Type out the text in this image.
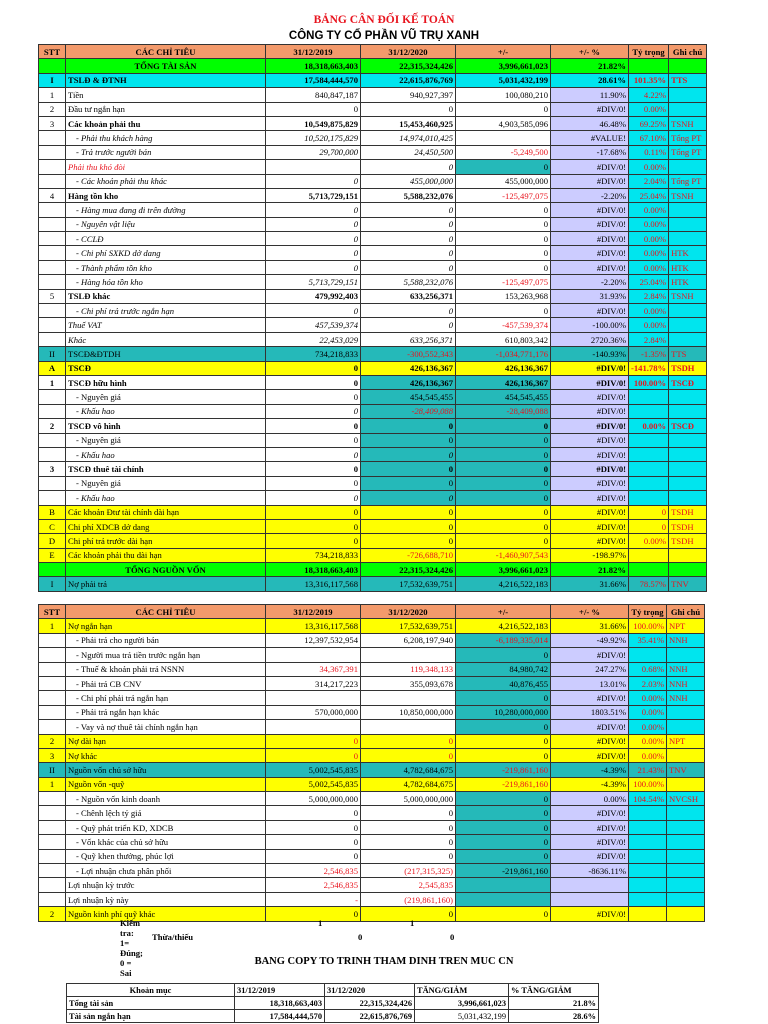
BẢNG CÂN ĐỐI KẾ TOÁN
CÔNG TY CỔ PHẦN VŨ TRỤ XANH
STT	CÁC CHỈ TIÊU	31/12/2019	31/12/2020	+/-	+/- %	Tỷ trọng	Ghi chú
	TỔNG TÀI SẢN	18,318,663,403	22,315,324,426	3,996,661,023	21.82%		
I	TSLĐ & ĐTNH	17,584,444,570	22,615,876,769	5,031,432,199	28.61%	101.35%	TTS
1	Tiền	840,847,187	940,927,397	100,080,210	11.90%	4.22%	
2	Đầu tư ngắn hạn	0	0	0	#DIV/0!	0.00%	
3	Các khoản phải thu	10,549,875,829	15,453,460,925	4,903,585,096	46.48%	69.25%	TSNH
	- Phải thu khách hàng	10,520,175,829	14,974,010,425		#VALUE!	67.10%	Tổng PT
	- Trả trước người bán	29,700,000	24,450,500	-5,249,500	-17.68%	0.11%	Tổng PT
	Phải thu khó đòi		0	0	#DIV/0!	0.00%	
	- Các khoản phải thu khác	0	455,000,000	455,000,000	#DIV/0!	2.04%	Tổng PT
4	Hàng tồn kho	5,713,729,151	5,588,232,076	-125,497,075	-2.20%	25.04%	TSNH
	- Hàng mua đang đi trên đường	0	0	0	#DIV/0!	0.00%	
	- Nguyên vật liệu	0	0	0	#DIV/0!	0.00%	
	- CCLĐ	0	0	0	#DIV/0!	0.00%	
	- Chi phí SXKD dở dang	0	0	0	#DIV/0!	0.00%	HTK
	- Thành phẩm tồn kho	0	0	0	#DIV/0!	0.00%	HTK
	- Hàng hóa tồn kho	5,713,729,151	5,588,232,076	-125,497,075	-2.20%	25.04%	HTK
5	TSLĐ khác	479,992,403	633,256,371	153,263,968	31.93%	2.84%	TSNH
	- Chi phí trả trước ngắn hạn	0	0	0	#DIV/0!	0.00%	
	Thuế VAT	457,539,374	0	-457,539,374	-100.00%	0.00%	
	Khác	22,453,029	633,256,371	610,803,342	2720.36%	2.84%	
II	TSCĐ&ĐTDH	734,218,833	-300,552,343	-1,034,771,176	-140.93%	-1.35%	TTS
A	TSCĐ	0	426,136,367	426,136,367	#DIV/0!	-141.78%	TSDH
1	TSCĐ hữu hình	0	426,136,367	426,136,367	#DIV/0!	100.00%	TSCĐ
	- Nguyên giá	0	454,545,455	454,545,455	#DIV/0!		
	- Khấu hao	0	-28,409,088	-28,409,088	#DIV/0!		
2	TSCĐ vô hình	0	0	0	#DIV/0!	0.00%	TSCĐ
	- Nguyên giá	0	0	0	#DIV/0!		
	- Khấu hao	0	0	0	#DIV/0!		
3	TSCĐ thuê tài chính	0	0	0	#DIV/0!		
	- Nguyên giá	0	0	0	#DIV/0!		
	- Khấu hao	0	0	0	#DIV/0!		
B	Các khoản Đtư tài chính dài hạn	0	0	0	#DIV/0!	0	TSDH
C	Chi phí XDCB dở dang	0	0	0	#DIV/0!	0	TSDH
D	Chi phí trả trước dài hạn	0	0	0	#DIV/0!	0.00%	TSDH
E	Các khoản phải thu dài hạn	734,218,833	-726,688,710	-1,460,907,543	-198.97%		
	TỔNG NGUỒN VỐN	18,318,663,403	22,315,324,426	3,996,661,023	21.82%		
I	Nợ phải trả	13,316,117,568	17,532,639,751	4,216,522,183	31.66%	78.57%	TNV
STT	CÁC CHỈ TIÊU	31/12/2019	31/12/2020	+/-	+/- %	Tỷ trọng	Ghi chú
1	Nợ ngắn hạn	13,316,117,568	17,532,639,751	4,216,522,183	31.66%	100.00%	NPT
	- Phải trả cho người bán	12,397,532,954	6,208,197,940	-6,189,335,014	-49.92%	35.41%	NNH
	- Người mua trả tiền trước ngắn hạn			0	#DIV/0!		
	- Thuế & khoản phải trả NSNN	34,367,391	119,348,133	84,980,742	247.27%	0.68%	NNH
	- Phải trả CB CNV	314,217,223	355,093,678	40,876,455	13.01%	2.03%	NNH
	- Chi phí phải trả ngắn hạn			0	#DIV/0!	0.00%	NNH
	- Phải trả ngắn hạn khác	570,000,000	10,850,000,000	10,280,000,000	1803.51%	0.00%	
	- Vay và nợ thuê tài chính ngắn hạn			0	#DIV/0!	0.00%	
2	Nợ dài hạn	0	0	0	#DIV/0!	0.00%	NPT
3	Nợ khác	0	0	0	#DIV/0!	0.00%	
II	Nguồn vốn chủ sở hữu	5,002,545,835	4,782,684,675	-219,861,160	-4.39%	21.43%	TNV
1	Nguồn vốn -quỹ	5,002,545,835	4,782,684,675	-219,861,160	-4.39%	100.00%	
	- Nguồn vốn kinh doanh	5,000,000,000	5,000,000,000	0	0.00%	104.54%	NVCSH
	- Chênh lệch tỷ giá	0	0	0	#DIV/0!		
	- Quỹ phát triển KD, XDCB	0	0	0	#DIV/0!		
	- Vốn khác của chủ sở hữu	0	0	0	#DIV/0!		
	- Quỹ khen thưởng, phúc lợi	0	0	0	#DIV/0!		
	- Lợi nhuận chưa phân phối	2,546,835	(217,315,325)	-219,861,160	-8636.11%		
	Lợi nhuận kỳ trước	2,546,835	2,545,835				
	Lợi nhuận kỳ này	-	(219,861,160)				
2	Nguồn kinh phí quỹ khác	0	0	0	#DIV/0!		
Kiểm tra: 1= Đúng; 0 = Sai
1	1
Thừa/thiếu	0	0
BANG COPY TO TRINH THAM DINH TREN MUC CN
Khoản mục	31/12/2019	31/12/2020	TĂNG/GIẢM	% TĂNG/GIẢM
Tổng tài sản	18,318,663,403	22,315,324,426	3,996,661,023	21.8%
Tài sản ngắn hạn	17,584,444,570	22,615,876,769	5,031,432,199	28.6%
